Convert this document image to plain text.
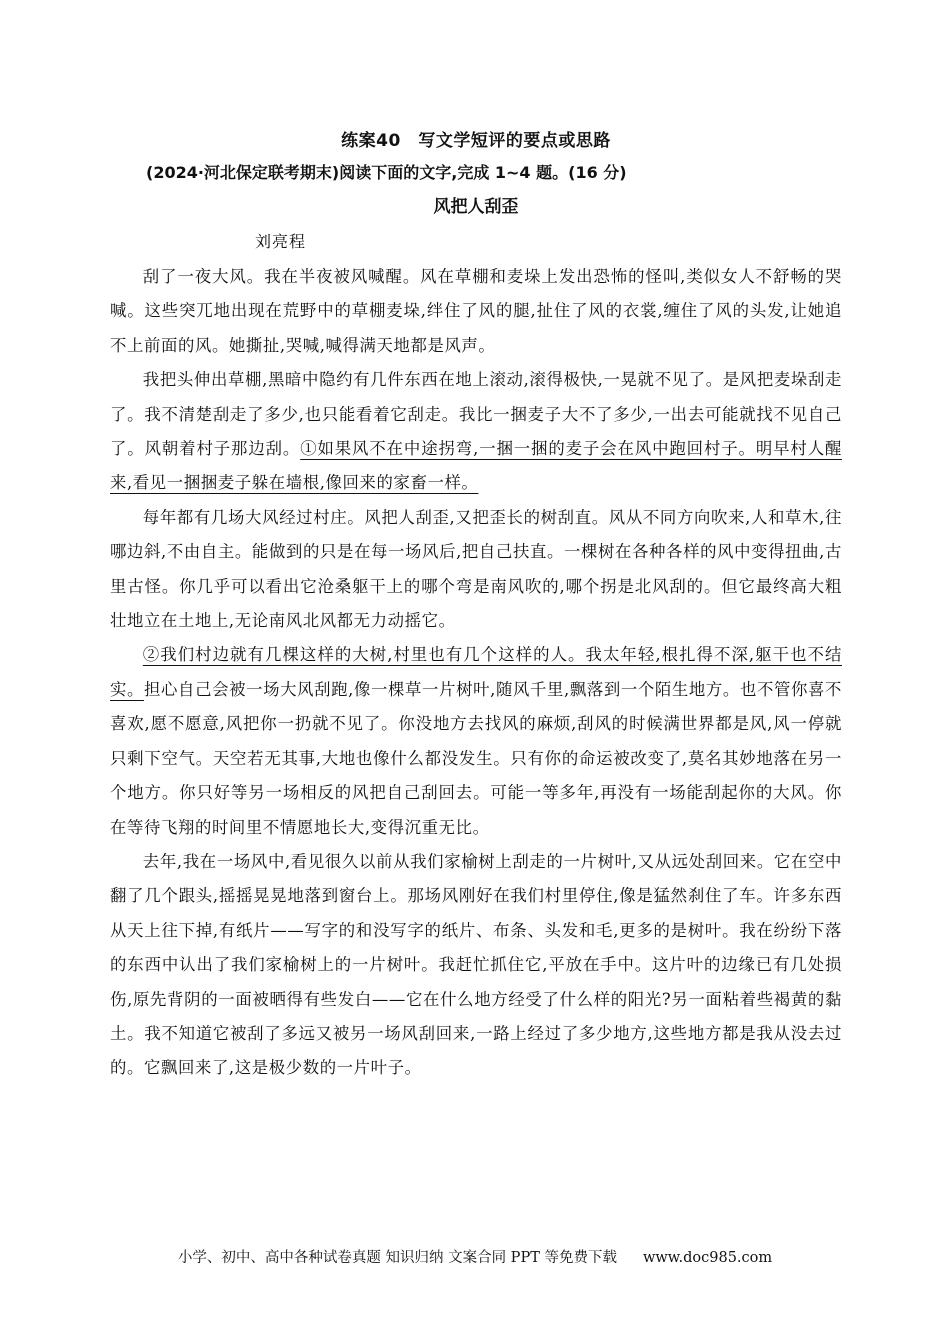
练案40　写文学短评的要点或思路
(2024·河北保定联考期末)阅读下面的文字,完成 1~4 题。(16 分)
风把人刮歪
刘亮程

刮了一夜大风。我在半夜被风喊醒。风在草棚和麦垛上发出恐怖的怪叫,类似女人不舒畅的哭喊。这些突兀地出现在荒野中的草棚麦垛,绊住了风的腿,扯住了风的衣裳,缠住了风的头发,让她追不上前面的风。她撕扯,哭喊,喊得满天地都是风声。

我把头伸出草棚,黑暗中隐约有几件东西在地上滚动,滚得极快,一晃就不见了。是风把麦垛刮走了。我不清楚刮走了多少,也只能看着它刮走。我比一捆麦子大不了多少,一出去可能就找不见自己了。风朝着村子那边刮。①如果风不在中途拐弯,一捆一捆的麦子会在风中跑回村子。明早村人醒来,看见一捆捆麦子躲在墙根,像回来的家畜一样。

每年都有几场大风经过村庄。风把人刮歪,又把歪长的树刮直。风从不同方向吹来,人和草木,往哪边斜,不由自主。能做到的只是在每一场风后,把自己扶直。一棵树在各种各样的风中变得扭曲,古里古怪。你几乎可以看出它沧桑躯干上的哪个弯是南风吹的,哪个拐是北风刮的。但它最终高大粗壮地立在土地上,无论南风北风都无力动摇它。

②我们村边就有几棵这样的大树,村里也有几个这样的人。我太年轻,根扎得不深,躯干也不结实。担心自己会被一场大风刮跑,像一棵草一片树叶,随风千里,飘落到一个陌生地方。也不管你喜不喜欢,愿不愿意,风把你一扔就不见了。你没地方去找风的麻烦,刮风的时候满世界都是风,风一停就只剩下空气。天空若无其事,大地也像什么都没发生。只有你的命运被改变了,莫名其妙地落在另一个地方。你只好等另一场相反的风把自己刮回去。可能一等多年,再没有一场能刮起你的大风。你在等待飞翔的时间里不情愿地长大,变得沉重无比。

去年,我在一场风中,看见很久以前从我们家榆树上刮走的一片树叶,又从远处刮回来。它在空中翻了几个跟头,摇摇晃晃地落到窗台上。那场风刚好在我们村里停住,像是猛然刹住了车。许多东西从天上往下掉,有纸片——写字的和没写字的纸片、布条、头发和毛,更多的是树叶。我在纷纷下落的东西中认出了我们家榆树上的一片树叶。我赶忙抓住它,平放在手中。这片叶的边缘已有几处损伤,原先背阴的一面被晒得有些发白——它在什么地方经受了什么样的阳光?另一面粘着些褐黄的黏土。我不知道它被刮了多远又被另一场风刮回来,一路上经过了多少地方,这些地方都是我从没去过的。它飘回来了,这是极少数的一片叶子。

小学、初中、高中各种试卷真题 知识归纳 文案合同 PPT 等免费下载 www.doc985.com
